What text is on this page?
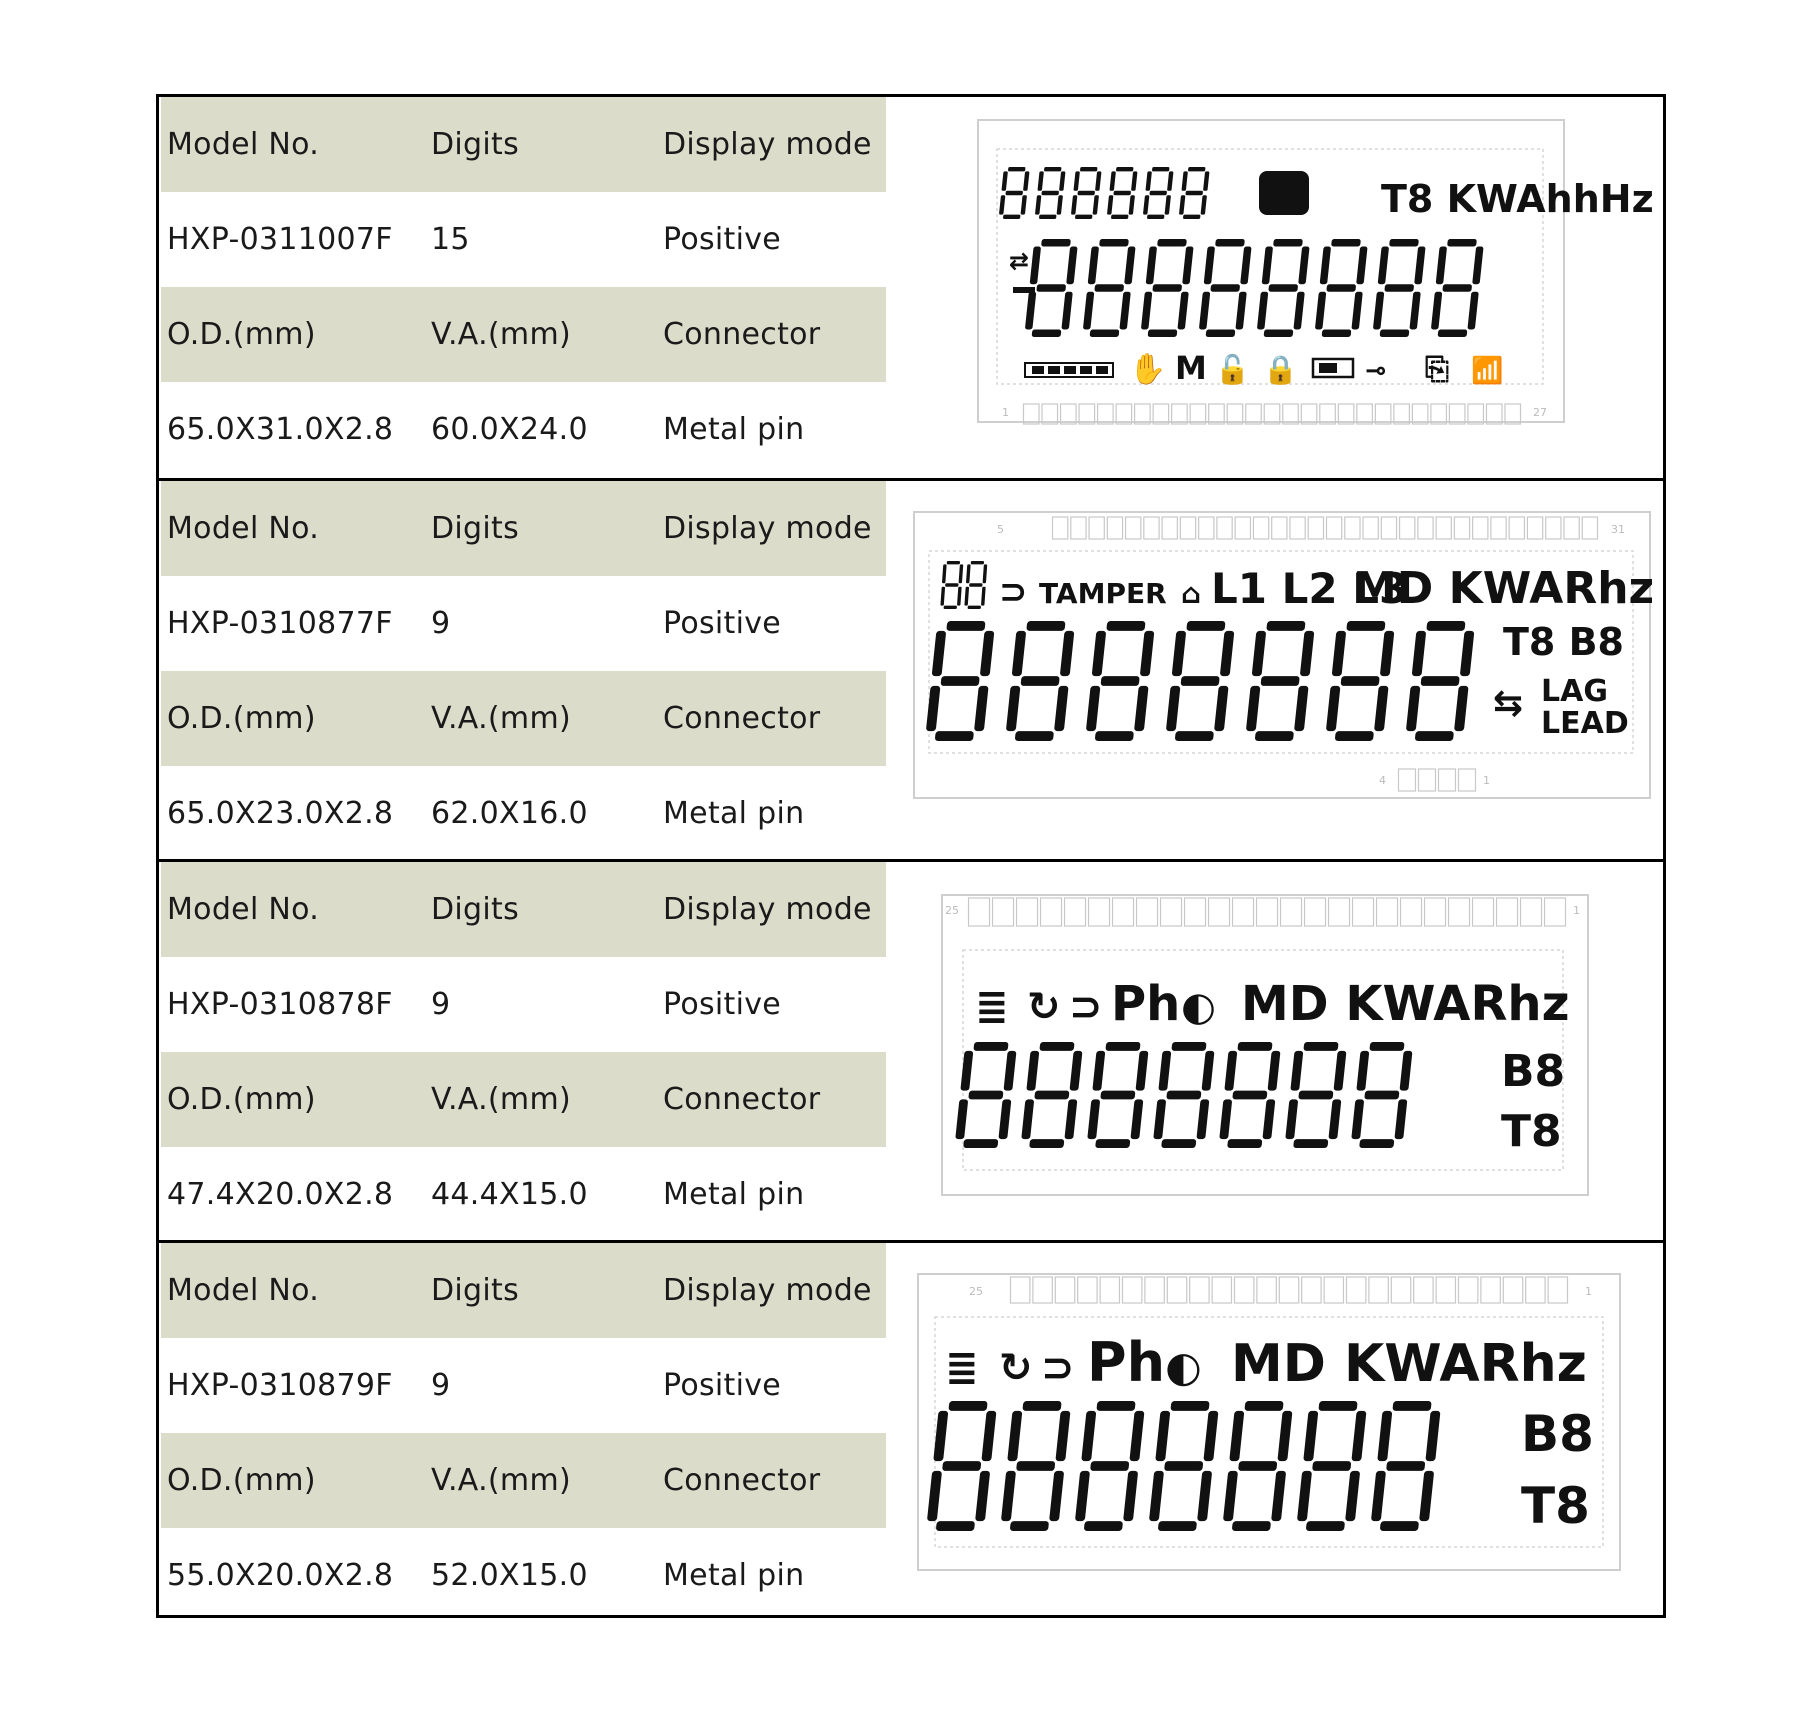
Model No.	Digits	Display mode
HXP-0311007F 15	Positive
O.D.(mm)	V.A.(mm)	Connector
65.0X31.0X2.8 60.0X24.0	Metal pin	1	27
T8 T8 KWAhhHz
⇄
✋ M 🔓 🔒	⊸ ⎘ 📶
Model No.	Digits	Display mode
HXP-0310877F 9	Positive
O.D.(mm)	V.A.(mm)	Connector
65.0X23.0X2.8 62.0X16.0	Metal pin
5	31
4	1
⊃ TAMPER ⌂ L1 L2 L3
MD KWARhz
T8 B8
⇆ LAG
LEAD
Model No.	Digits	Display mode
HXP-0310878F 9	Positive
O.D.(mm)	V.A.(mm)	Connector
47.4X20.0X2.8 44.4X15.0	Metal pin
25	1
≣ ↻ ⊃ Ph ◐ MD KWARhz
B8
T8
Model No.	Digits	Display mode
HXP-0310879F 9	Positive
O.D.(mm)	V.A.(mm)	Connector
55.0X20.0X2.8 52.0X15.0	Metal pin
25	1
≣ ↻ ⊃ Ph ◐ MD KWARhz
B8
T8
